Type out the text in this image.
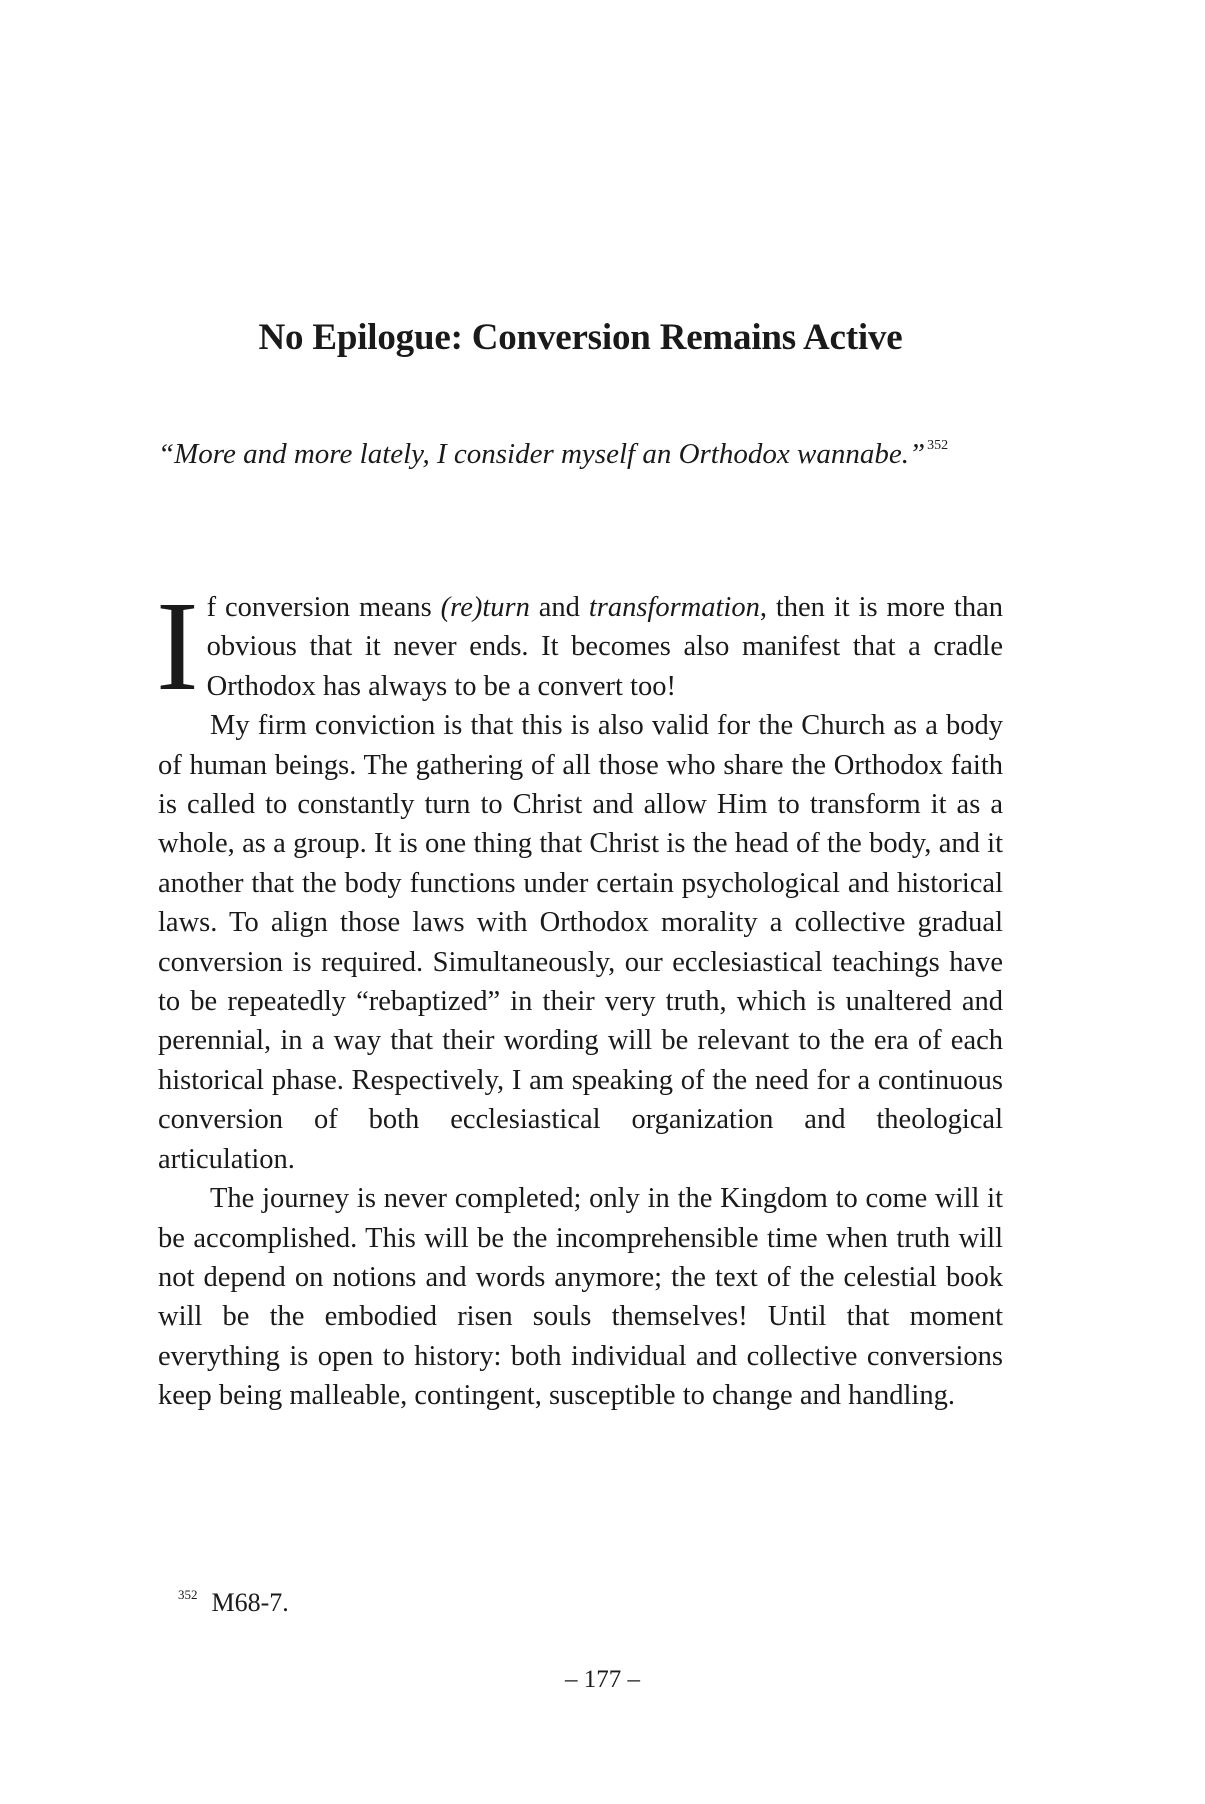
No Epilogue: Conversion Remains Active

“More and more lately, I consider myself an Orthodox wannabe.” $^{352}$

If conversion means (re)turn and transformation, then it is more than obvious that it never ends. It becomes also manifest that a cradle Orthodox has always to be a convert too!

My firm conviction is that this is also valid for the Church as a body of human beings. The gathering of all those who share the Orthodox faith is called to constantly turn to Christ and allow Him to transform it as a whole, as a group. It is one thing that Christ is the head of the body, and it another that the body functions under certain psychological and historical laws. To align those laws with Orthodox morality a collective gradual conversion is required. Simultaneously, our ecclesiastical teachings have to be repeatedly “rebaptized” in their very truth, which is unaltered and perennial, in a way that their wording will be relevant to the era of each historical phase. Respectively, I am speaking of the need for a continuous conversion of both ecclesiastical organization and theological articulation.

The journey is never completed; only in the Kingdom to come will it be accomplished. This will be the incomprehensible time when truth will not depend on notions and words anymore; the text of the celestial book will be the embodied risen souls themselves! Until that moment everything is open to history: both individual and collective conversions keep being malleable, contingent, susceptible to change and handling.

$^{352}$ M68-7.

– 177 –
